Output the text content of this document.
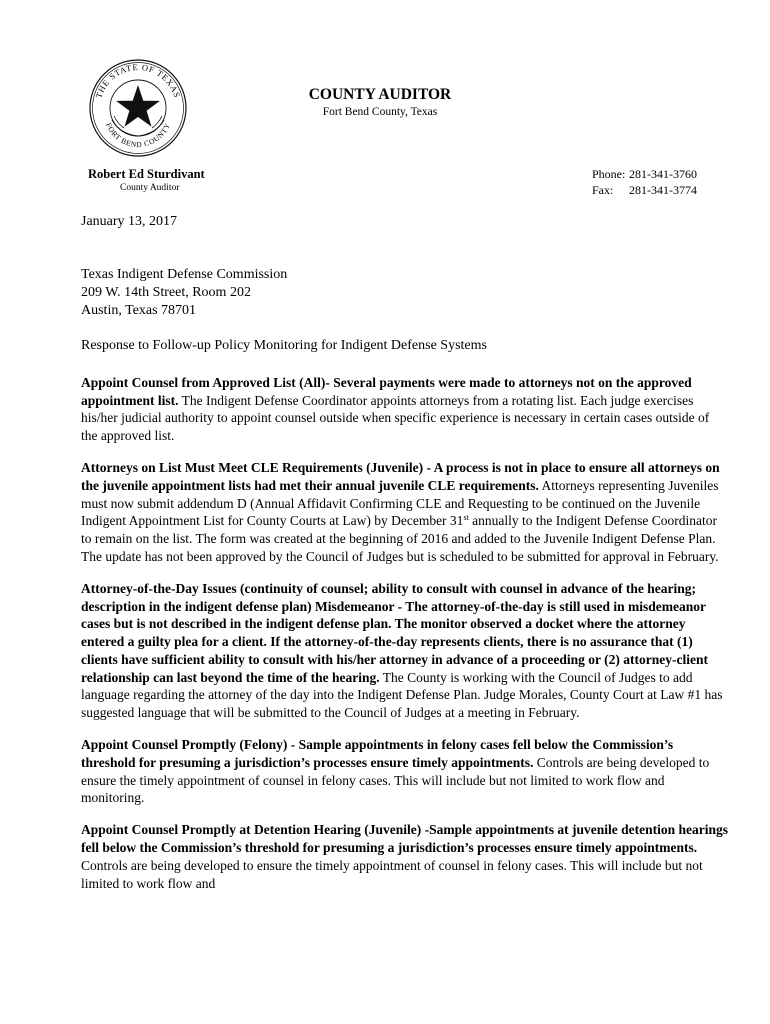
THE STATE OF TEXAS
FORT BEND COUNTY
COUNTY AUDITOR
Fort Bend County, Texas
Robert Ed Sturdivant
County Auditor
Phone: 281-341-3760
Fax: 281-341-3774
January 13, 2017
Texas Indigent Defense Commission
209 W. 14th Street, Room 202
Austin, Texas 78701
Response to Follow-up Policy Monitoring for Indigent Defense Systems

Appoint Counsel from Approved List (All)- Several payments were made to attorneys not on the approved appointment list. The Indigent Defense Coordinator appoints attorneys from a rotating list. Each judge exercises his/her judicial authority to appoint counsel outside when specific experience is necessary in certain cases outside of the approved list.

Attorneys on List Must Meet CLE Requirements (Juvenile) - A process is not in place to ensure all attorneys on the juvenile appointment lists had met their annual juvenile CLE requirements. Attorneys representing Juveniles must now submit addendum D (Annual Affidavit Confirming CLE and Requesting to be continued on the Juvenile Indigent Appointment List for County Courts at Law) by December 31st annually to the Indigent Defense Coordinator to remain on the list. The form was created at the beginning of 2016 and added to the Juvenile Indigent Defense Plan. The update has not been approved by the Council of Judges but is scheduled to be submitted for approval in February.

Attorney-of-the-Day Issues (continuity of counsel; ability to consult with counsel in advance of the hearing; description in the indigent defense plan) Misdemeanor - The attorney-of-the-day is still used in misdemeanor cases but is not described in the indigent defense plan. The monitor observed a docket where the attorney entered a guilty plea for a client. If the attorney-of-the-day represents clients, there is no assurance that (1) clients have sufficient ability to consult with his/her attorney in advance of a proceeding or (2) attorney-client relationship can last beyond the time of the hearing. The County is working with the Council of Judges to add language regarding the attorney of the day into the Indigent Defense Plan. Judge Morales, County Court at Law #1 has suggested language that will be submitted to the Council of Judges at a meeting in February.

Appoint Counsel Promptly (Felony) - Sample appointments in felony cases fell below the Commission’s threshold for presuming a jurisdiction’s processes ensure timely appointments. Controls are being developed to ensure the timely appointment of counsel in felony cases. This will include but not limited to work flow and monitoring.

Appoint Counsel Promptly at Detention Hearing (Juvenile) -Sample appointments at juvenile detention hearings fell below the Commission’s threshold for presuming a jurisdiction’s processes ensure timely appointments. Controls are being developed to ensure the timely appointment of counsel in felony cases. This will include but not limited to work flow and
